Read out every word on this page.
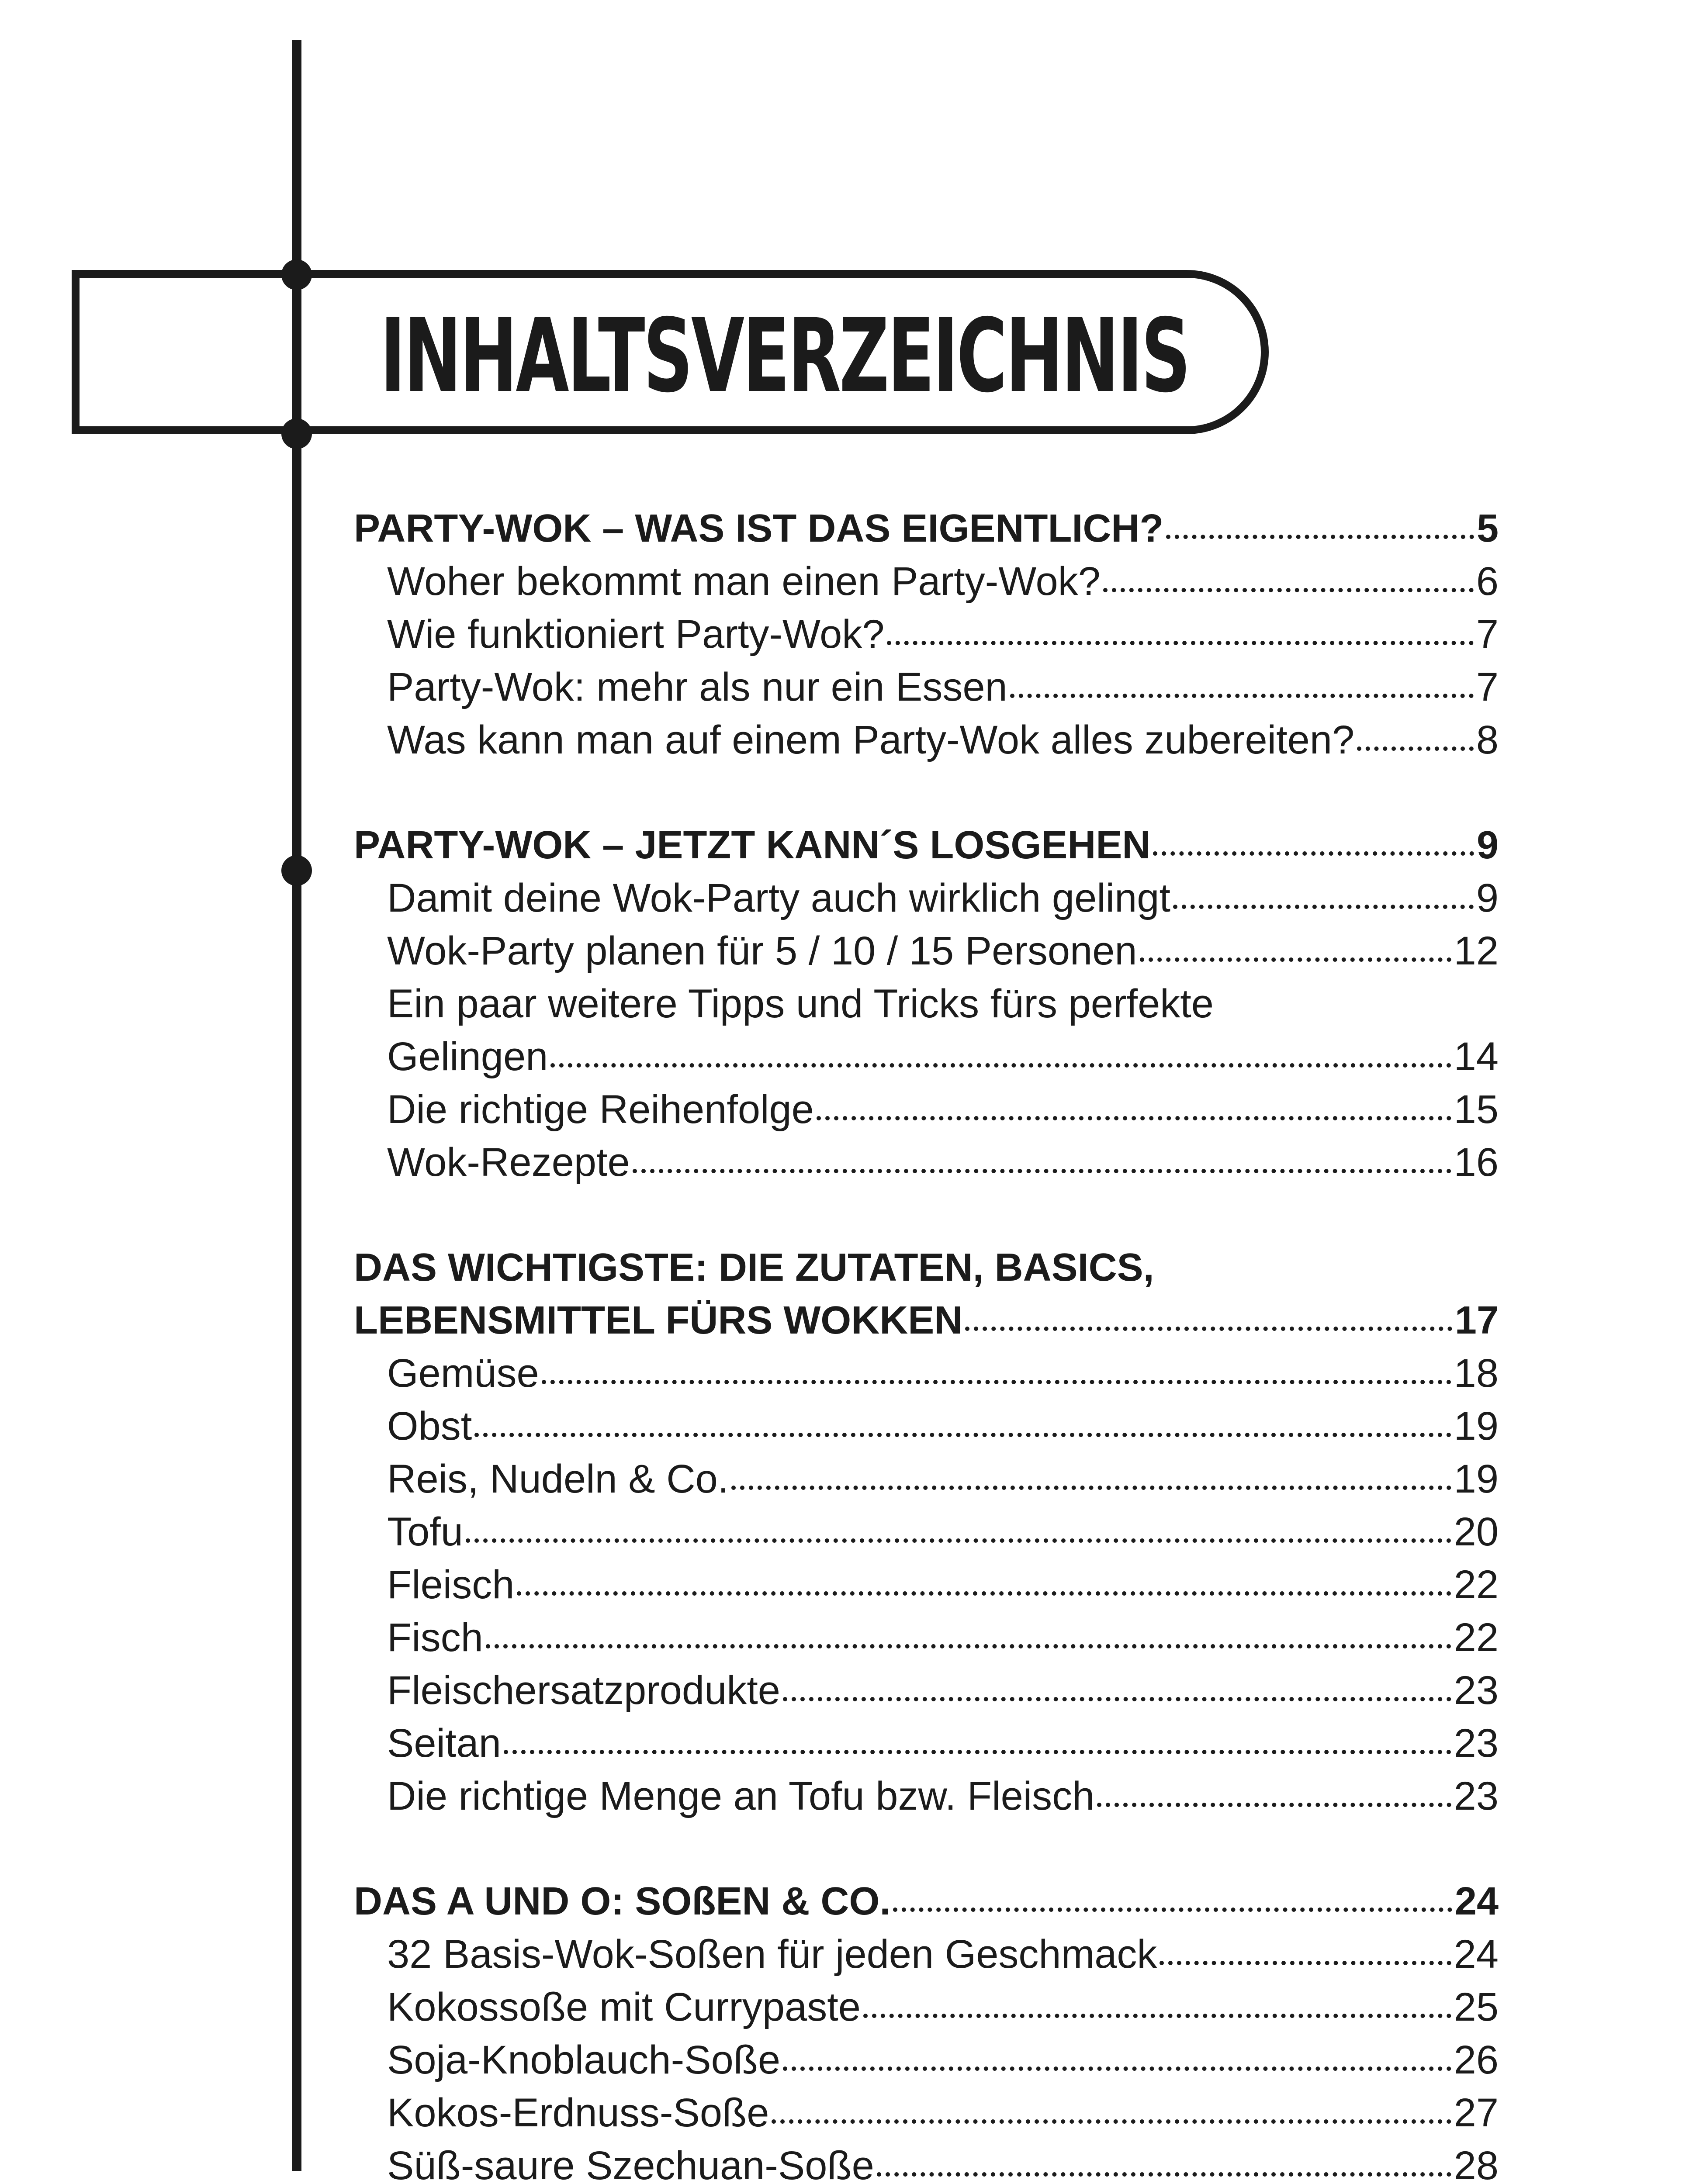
INHALTSVERZEICHNIS
PARTY-WOK – WAS IST DAS EIGENTLICH?	5
Woher bekommt man einen Party-Wok?	6
Wie funktioniert Party-Wok?	7
Party-Wok: mehr als nur ein Essen	7
Was kann man auf einem Party-Wok alles zubereiten?	8
PARTY-WOK – JETZT KANN´S LOSGEHEN	9
Damit deine Wok-Party auch wirklich gelingt	9
Wok-Party planen für 5 / 10 / 15 Personen	12
Ein paar weitere Tipps und Tricks fürs perfekte
Gelingen	14
Die richtige Reihenfolge	15
Wok-Rezepte	16
DAS WICHTIGSTE: DIE ZUTATEN, BASICS,
LEBENSMITTEL FÜRS WOKKEN	17
Gemüse	18
Obst	19
Reis, Nudeln & Co.	19
Tofu	20
Fleisch	22
Fisch	22
Fleischersatzprodukte	23
Seitan	23
Die richtige Menge an Tofu bzw. Fleisch	23
DAS A UND O: SOßEN & CO.	24
32 Basis-Wok-Soßen für jeden Geschmack	24
Kokossoße mit Currypaste	25
Soja-Knoblauch-Soße	26
Kokos-Erdnuss-Soße	27
Süß-saure Szechuan-Soße	28
